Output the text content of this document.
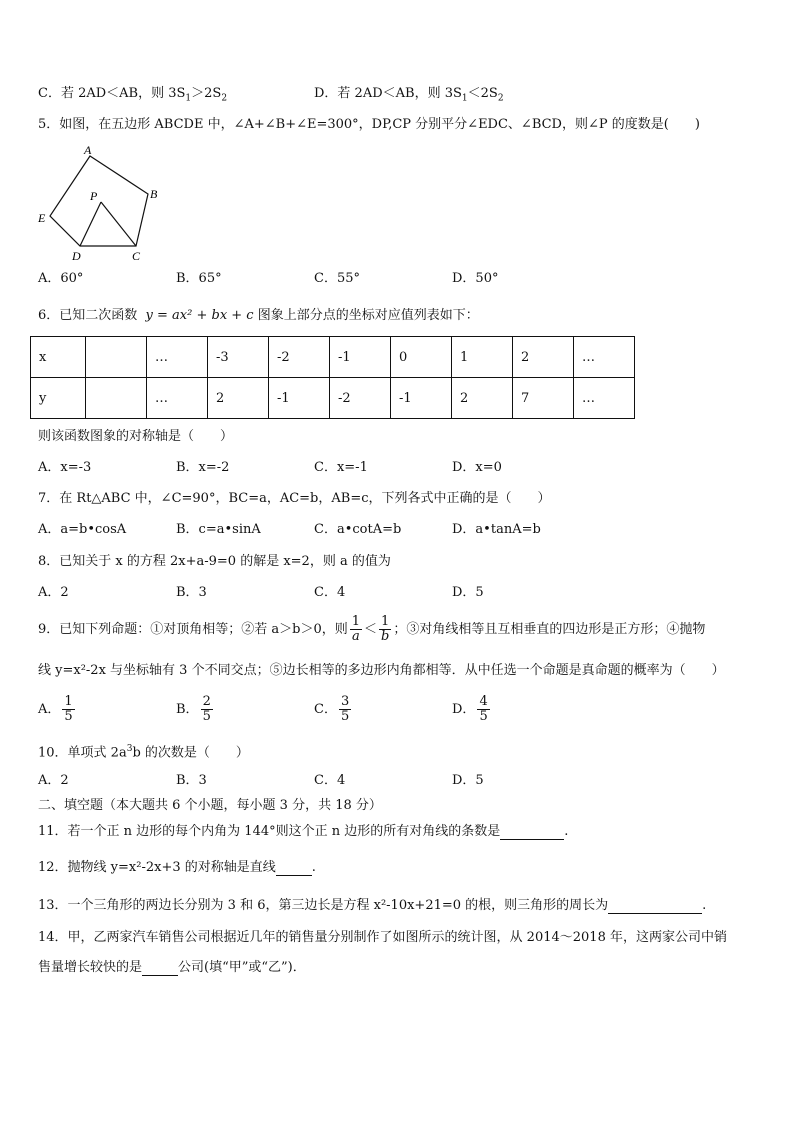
C．若 2AD＜AB，则 $3S_1>2S_2$	D．若 2AD＜AB，则 $3S_1<2S_2$
5．如图，在五边形 ABCDE 中，∠A+∠B+∠E=300°，DP,CP 分别平分∠EDC、∠BCD，则∠P 的度数是(　　)
A
B
C
D
E
P
A．60°	B．65°	C．55°	D．50°
6．已知二次函数 y = ax² + bx + c 图象上部分点的坐标对应值列表如下：
x		…	-3	-2	-1	0	1	2	…
y		…	2	-1	-2	-1	2	7	…
则该函数图象的对称轴是（　　）
A．x=-3	B．x=-2	C．x=-1	D．x=0
7．在 Rt△ABC 中，∠C=90°，BC=a，AC=b，AB=c，下列各式中正确的是（　　）
A．a=b•cosA	B．c=a•sinA	C．a•cotA=b	D．a•tanA=b
8．已知关于 x 的方程 2x+a-9=0 的解是 x=2，则 a 的值为
A．2	B．3	C．4	D．5
9．已知下列命题：①对顶角相等；②若 a＞b＞0，则 $\frac{1}{a} < \frac{1}{b}$ ；③对角线相等且互相垂直的四边形是正方形；④抛物
线 y=x²-2x 与坐标轴有 3 个不同交点；⑤边长相等的多边形内角都相等．从中任选一个命题是真命题的概率为（　　）
A． $\frac{1}{5}$	B． $\frac{2}{5}$	C． $\frac{3}{5}$	D． $\frac{4}{5}$
10．单项式 $2a^3b$ 的次数是（　　）
A．2	B．3	C．4	D．5
二、填空题（本大题共 6 个小题，每小题 3 分，共 18 分）
11．若一个正 n 边形的每个内角为 144°则这个正 n 边形的所有对角线的条数是	.
12．抛物线 y=x²-2x+3 的对称轴是直线	.
13．一个三角形的两边长分别为 3 和 6，第三边长是方程 x²-10x+21=0 的根，则三角形的周长为	.
14．甲，乙两家汽车销售公司根据近几年的销售量分别制作了如图所示的统计图，从 2014～2018 年，这两家公司中销
售量增长较快的是	公司(填“甲”或“乙”)．
